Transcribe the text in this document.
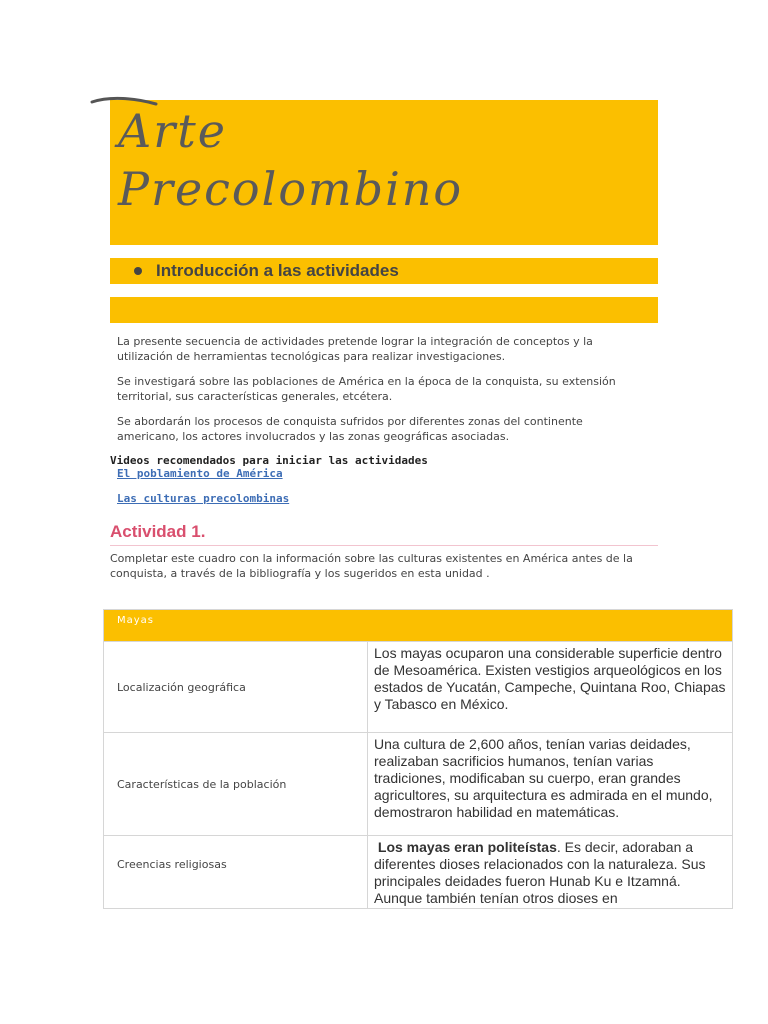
Arte
Precolombino
Introducción a las actividades

La presente secuencia de actividades pretende lograr la integración de conceptos y la utilización de herramientas tecnológicas para realizar investigaciones.

Se investigará sobre las poblaciones de América en la época de la conquista, su extensión territorial, sus características generales, etcétera.

Se abordarán los procesos de conquista sufridos por diferentes zonas del continente americano, los actores involucrados y las zonas geográficas asociadas.

Videos recomendados para iniciar las actividades
El poblamiento de América
Las culturas precolombinas
Actividad 1.
Completar este cuadro con la información sobre las culturas existentes en América antes de la conquista, a través de la bibliografía y los sugeridos en esta unidad .
Mayas
Localización geográfica
Los mayas ocuparon una considerable superficie dentro de Mesoamérica. Existen vestigios arqueológicos en los estados de Yucatán, Campeche, Quintana Roo, Chiapas y Tabasco en México.
Características de la población
Una cultura de 2,600 años, tenían varias deidades, realizaban sacrificios humanos, tenían varias tradiciones, modificaban su cuerpo, eran grandes agricultores, su arquitectura es admirada en el mundo, demostraron habilidad en matemáticas.
Creencias religiosas
Los mayas eran politeístas. Es decir, adoraban a diferentes dioses relacionados con la naturaleza. Sus principales deidades fueron Hunab Ku e Itzamná. Aunque también tenían otros dioses en
